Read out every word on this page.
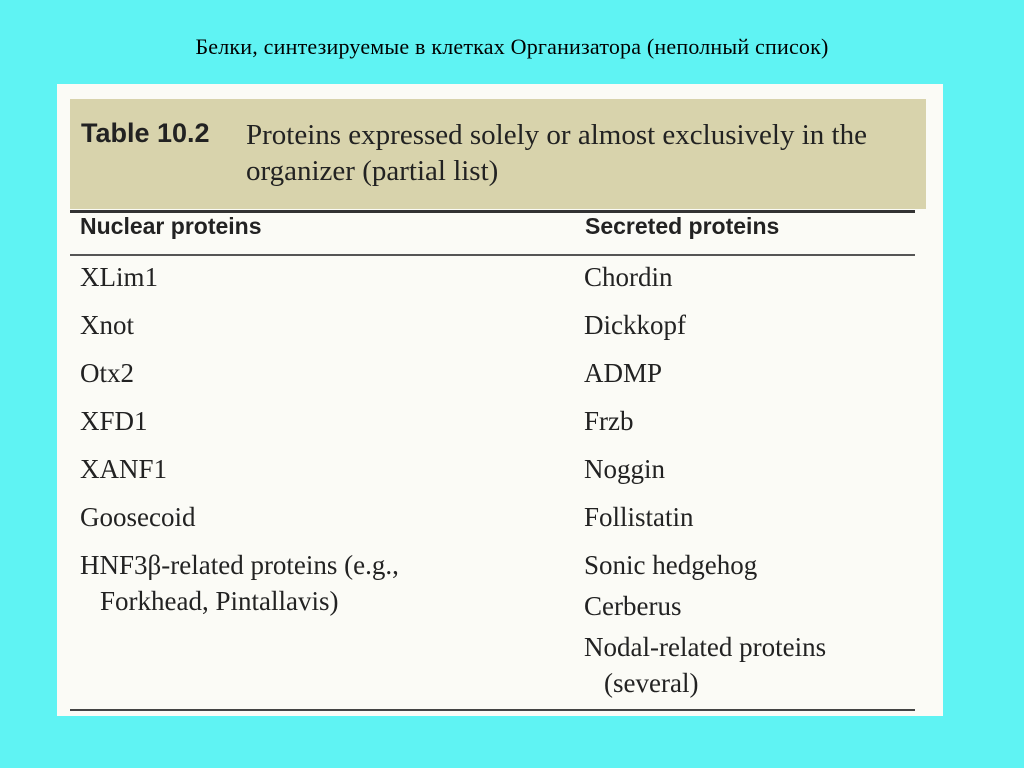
Белки, синтезируемые в клетках Организатора (неполный список)
Table 10.2 Proteins expressed solely or almost exclusively in the organizer (partial list)
Nuclear proteins	Secreted proteins
XLim1
Xnot
Otx2
XFD1
XANF1
Goosecoid
HNF3β-related proteins (e.g.,
Forkhead, Pintallavis)
Chordin
Dickkopf
ADMP
Frzb
Noggin
Follistatin
Sonic hedgehog
Cerberus
Nodal-related proteins
(several)
